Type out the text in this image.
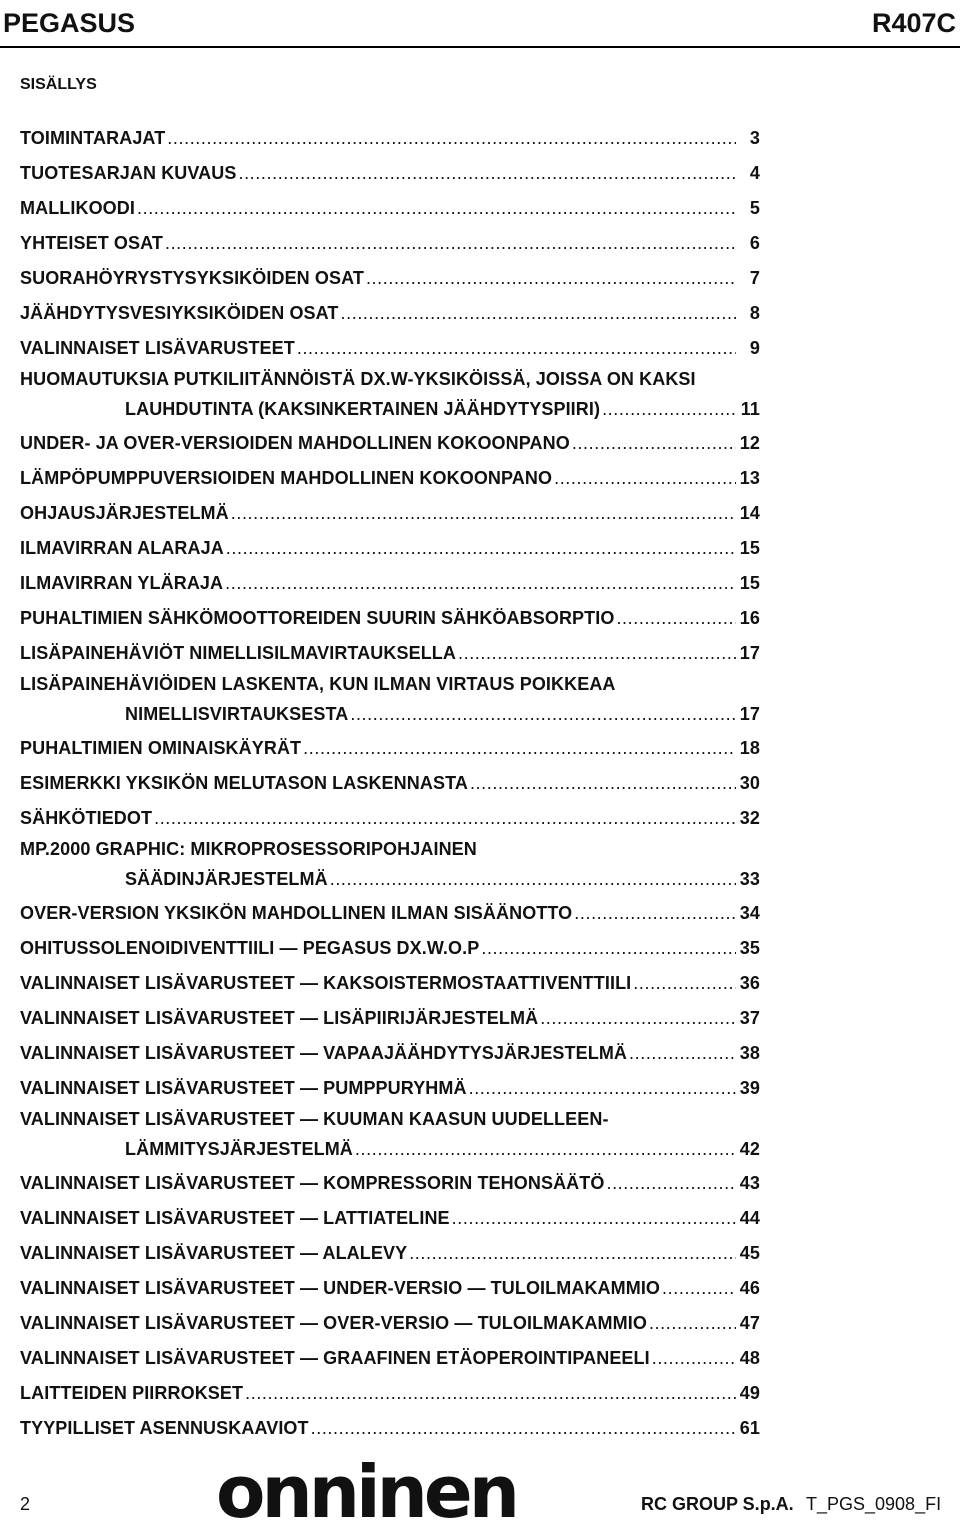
PEGASUS	R407C
SISÄLLYS
TOIMINTARAJAT .....	3
TUOTESARJAN KUVAUS .....	4
MALLIKOODI .....	5
YHTEISET OSAT .....	6
SUORAHÖYRYSTYSYKSIKÖIDEN OSAT .....	7
JÄÄHDYTYSVESIYKSIKÖIDEN OSAT .....	8
VALINNAISET LISÄVARUSTEET .....	9
HUOMAUTUKSIA PUTKILIITÄNNÖISTÄ DX.W-YKSIKÖISSÄ, JOISSA ON KAKSI
LAUHDUTINTA (KAKSINKERTAINEN JÄÄHDYTYSPIIRI) .....	11
UNDER- JA OVER-VERSIOIDEN MAHDOLLINEN KOKOONPANO .....	12
LÄMPÖPUMPPUVERSIOIDEN MAHDOLLINEN KOKOONPANO .....	13
OHJAUSJÄRJESTELMÄ .....	14
ILMAVIRRAN ALARAJA .....	15
ILMAVIRRAN YLÄRAJA .....	15
PUHALTIMIEN SÄHKÖMOOTTOREIDEN SUURIN SÄHKÖABSORPTIO .....	16
LISÄPAINEHÄVIÖT NIMELLISILMAVIRTAUKSELLA .....	17
LISÄPAINEHÄVIÖIDEN LASKENTA, KUN ILMAN VIRTAUS POIKKEAA
NIMELLISVIRTAUKSESTA .....	17
PUHALTIMIEN OMINAISKÄYRÄT .....	18
ESIMERKKI YKSIKÖN MELUTASON LASKENNASTA .....	30
SÄHKÖTIEDOT .....	32
MP.2000 GRAPHIC: MIKROPROSESSORIPOHJAINEN
SÄÄDINJÄRJESTELMÄ .....	33
OVER-VERSION YKSIKÖN MAHDOLLINEN ILMAN SISÄÄNOTTO .....	34
OHITUSSOLENOIDIVENTTIILI — PEGASUS DX.W.O.P .....	35
VALINNAISET LISÄVARUSTEET — KAKSOISTERMOSTAATTIVENTTIILI .....	36
VALINNAISET LISÄVARUSTEET — LISÄPIIRIJÄRJESTELMÄ .....	37
VALINNAISET LISÄVARUSTEET — VAPAAJÄÄHDYTYSJÄRJESTELMÄ .....	38
VALINNAISET LISÄVARUSTEET — PUMPPURYHMÄ .....	39
VALINNAISET LISÄVARUSTEET — KUUMAN KAASUN UUDELLEEN-
LÄMMITYSJÄRJESTELMÄ .....	42
VALINNAISET LISÄVARUSTEET — KOMPRESSORIN TEHONSÄÄTÖ .....	43
VALINNAISET LISÄVARUSTEET — LATTIATELINE .....	44
VALINNAISET LISÄVARUSTEET — ALALEVY .....	45
VALINNAISET LISÄVARUSTEET — UNDER-VERSIO — TULOILMAKAMMIO .....	46
VALINNAISET LISÄVARUSTEET — OVER-VERSIO — TULOILMAKAMMIO .....	47
VALINNAISET LISÄVARUSTEET — GRAAFINEN ETÄOPEROINTIPANEELI .....	48
LAITTEIDEN PIIRROKSET .....	49
TYYPILLISET ASENNUSKAAVIOT .....	61
2	onninen	RC GROUP S.p.A. T_PGS_0908_FI
